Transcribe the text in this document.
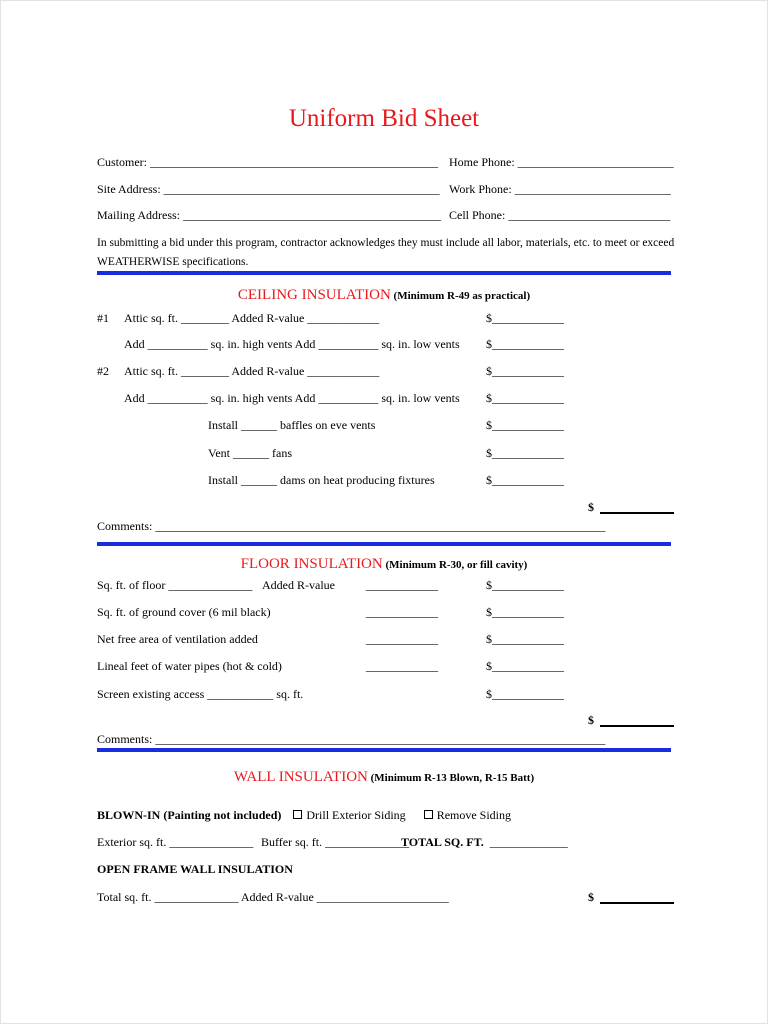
Uniform Bid Sheet
Customer: ________________________________________________ Home Phone: __________________________
Site Address: ______________________________________________ Work Phone: __________________________
Mailing Address: ___________________________________________ Cell Phone: ___________________________
In submitting a bid under this program, contractor acknowledges they must include all labor, materials, etc. to meet or exceed
WEATHERWISE specifications.
CEILING INSULATION (Minimum R-49 as practical)
#1 Attic sq. ft. ________ Added R-value ____________	$____________
Add __________ sq. in. high vents Add __________ sq. in. low vents $____________
#2 Attic sq. ft. ________ Added R-value ____________	$____________
Add __________ sq. in. high vents Add __________ sq. in. low vents $____________
Install ______ baffles on eve vents	$____________
Vent ______ fans	$____________
Install ______ dams on heat producing fixtures	$____________
$
Comments: ___________________________________________________________________________
FLOOR INSULATION (Minimum R-30, or fill cavity)
Sq. ft. of floor ______________ Added R-value	____________	$____________
Sq. ft. of ground cover (6 mil black)	____________	$____________
Net free area of ventilation added	____________	$____________
Lineal feet of water pipes (hot & cold)	____________	$____________
Screen existing access ___________ sq. ft.	$____________
$
Comments: ___________________________________________________________________________
WALL INSULATION (Minimum R-13 Blown, R-15 Batt)
BLOWN-IN (Painting not included) Drill Exterior Siding	Remove Siding
Exterior sq. ft. ______________ Buffer sq. ft. ______________
TOTAL SQ. FT. _____________
OPEN FRAME WALL INSULATION
Total sq. ft. ______________ Added R-value ______________________	$
